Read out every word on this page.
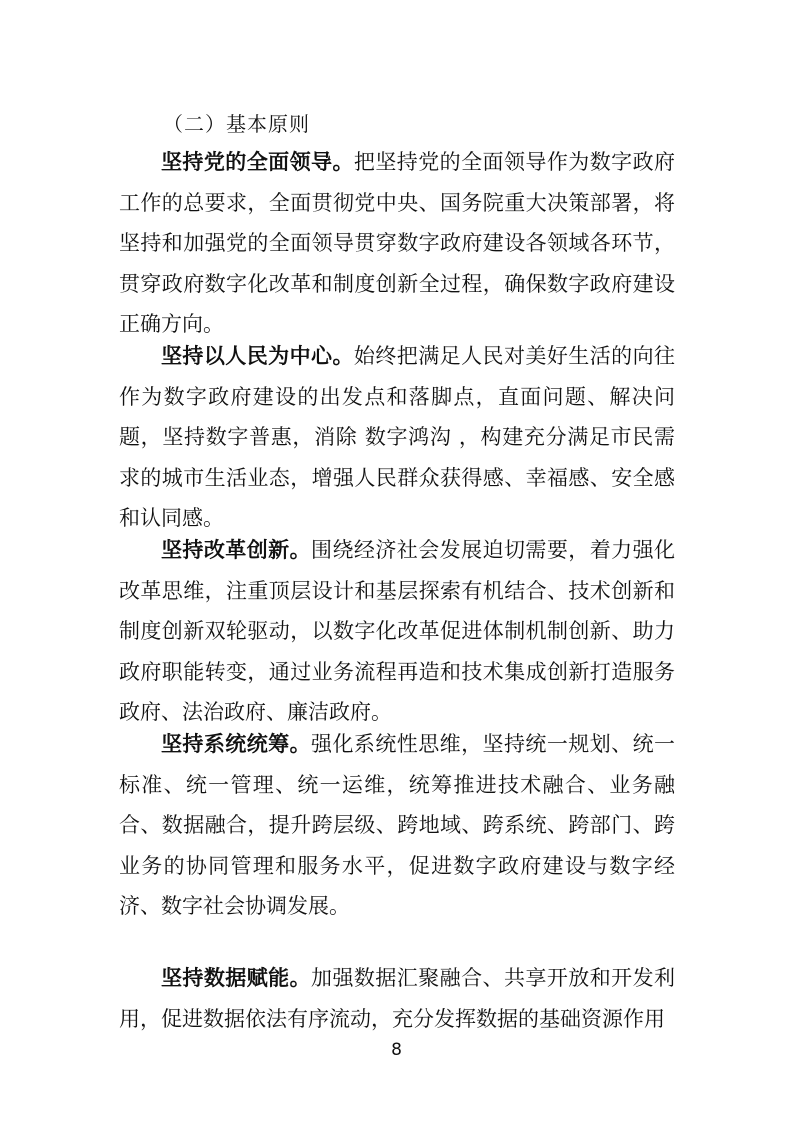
（二）基本原则

坚持党的全面领导。把坚持党的全面领导作为数字政府工作的总要求，全面贯彻党中央、国务院重大决策部署，将坚持和加强党的全面领导贯穿数字政府建设各领域各环节，贯穿政府数字化改革和制度创新全过程，确保数字政府建设正确方向。

坚持以人民为中心。始终把满足人民对美好生活的向往作为数字政府建设的出发点和落脚点，直面问题、解决问题，坚持数字普惠，消除 数字鸿沟 ，构建充分满足市民需求的城市生活业态，增强人民群众获得感、幸福感、安全感和认同感。

坚持改革创新。围绕经济社会发展迫切需要，着力强化改革思维，注重顶层设计和基层探索有机结合、技术创新和制度创新双轮驱动，以数字化改革促进体制机制创新、助力政府职能转变，通过业务流程再造和技术集成创新打造服务政府、法治政府、廉洁政府。

坚持系统统筹。强化系统性思维，坚持统一规划、统一标准、统一管理、统一运维，统筹推进技术融合、业务融合、数据融合，提升跨层级、跨地域、跨系统、跨部门、跨业务的协同管理和服务水平，促进数字政府建设与数字经济、数字社会协调发展。

坚持数据赋能。加强数据汇聚融合、共享开放和开发利用，促进数据依法有序流动，充分发挥数据的基础资源作用

8
